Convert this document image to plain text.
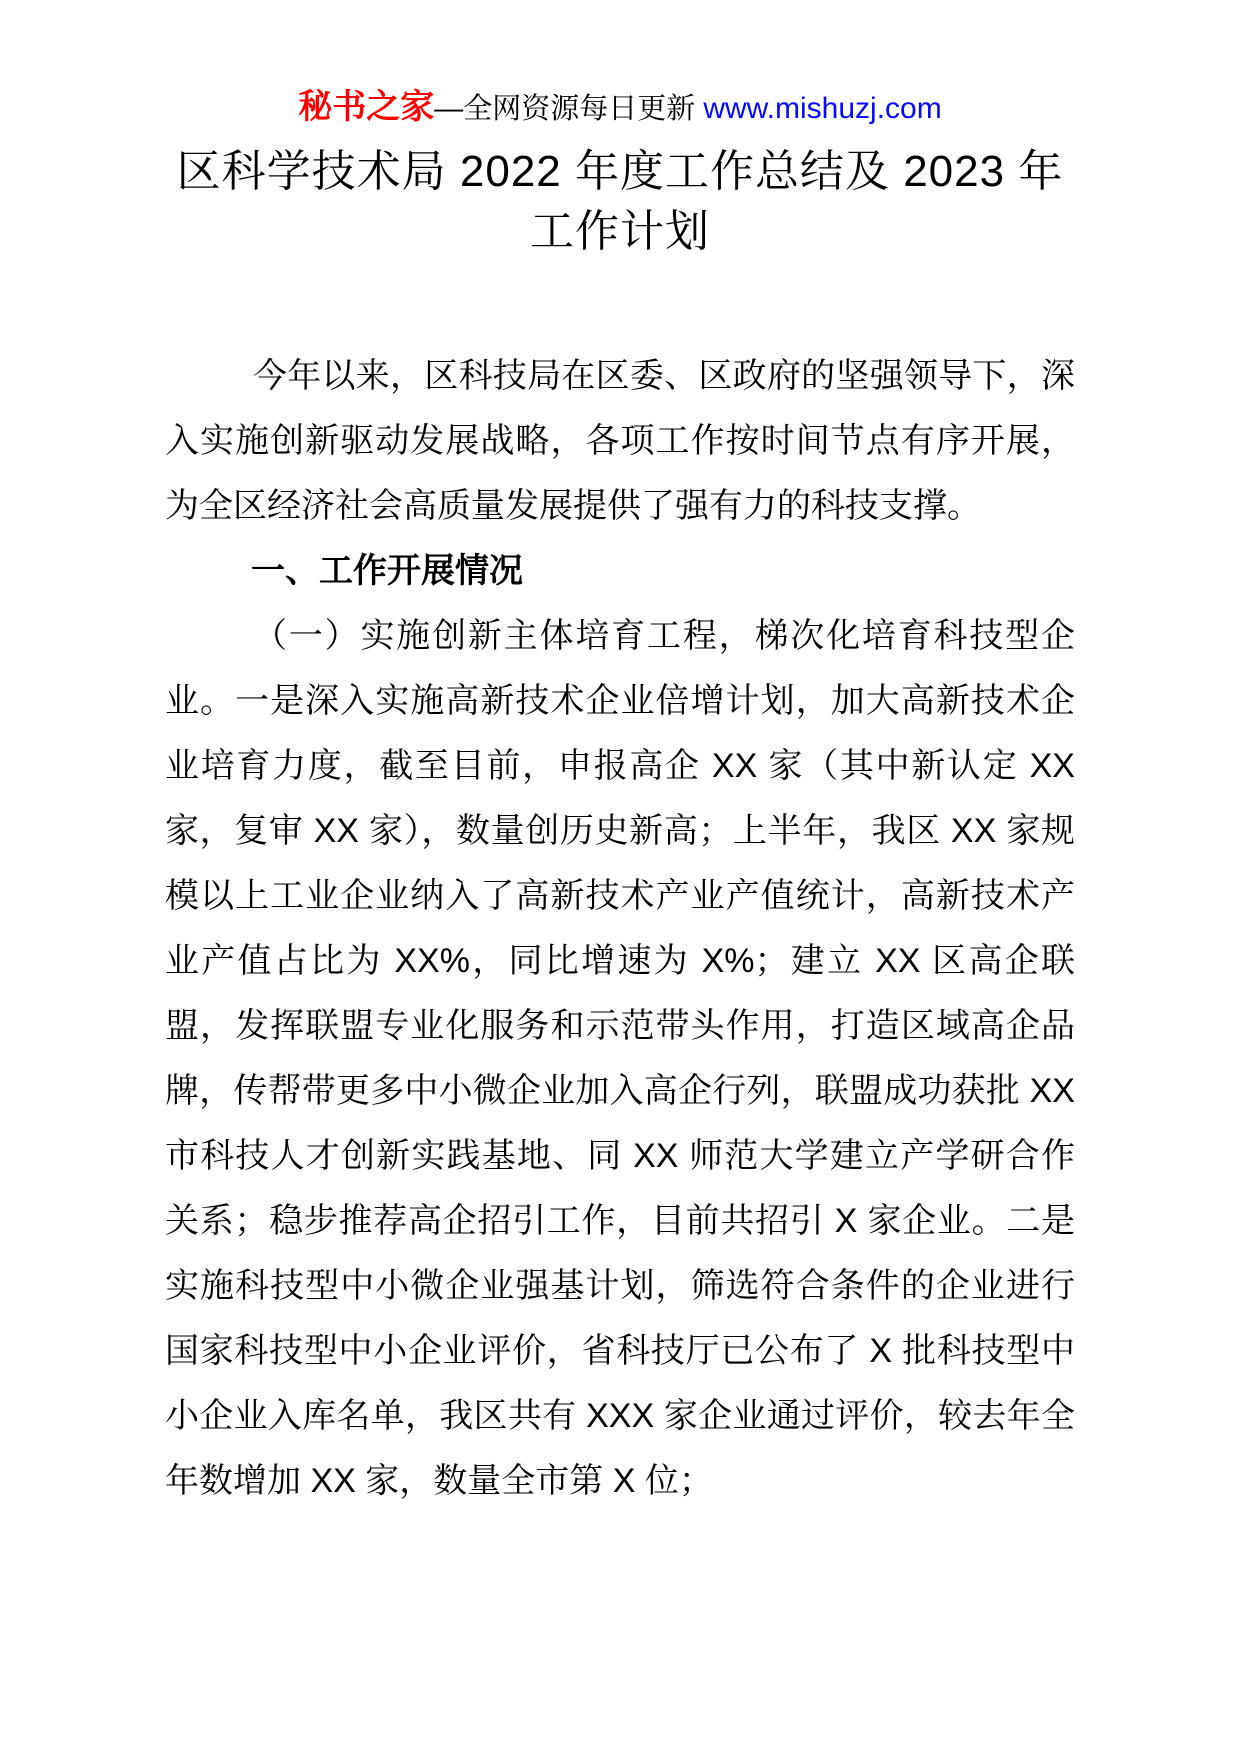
秘书之家—全网资源每日更新 www.mishuzj.com
区科学技术局 2022 年度工作总结及 2023 年工作计划

今年以来，区科技局在区委、区政府的坚强领导下，深入实施创新驱动发展战略，各项工作按时间节点有序开展，为全区经济社会高质量发展提供了强有力的科技支撑。

一、工作开展情况

（一）实施创新主体培育工程，梯次化培育科技型企业。一是深入实施高新技术企业倍增计划，加大高新技术企业培育力度，截至目前，申报高企 XX 家（其中新认定 XX 家，复审 XX 家），数量创历史新高；上半年，我区 XX 家规模以上工业企业纳入了高新技术产业产值统计，高新技术产业产值占比为 XX%，同比增速为 X%；建立 XX 区高企联盟，发挥联盟专业化服务和示范带头作用，打造区域高企品牌，传帮带更多中小微企业加入高企行列，联盟成功获批 XX 市科技人才创新实践基地、同 XX 师范大学建立产学研合作关系；稳步推荐高企招引工作，目前共招引 X 家企业。二是实施科技型中小微企业强基计划，筛选符合条件的企业进行国家科技型中小企业评价，省科技厅已公布了 X 批科技型中小企业入库名单，我区共有 XXX 家企业通过评价，较去年全年数增加 XX 家，数量全市第 X 位；
